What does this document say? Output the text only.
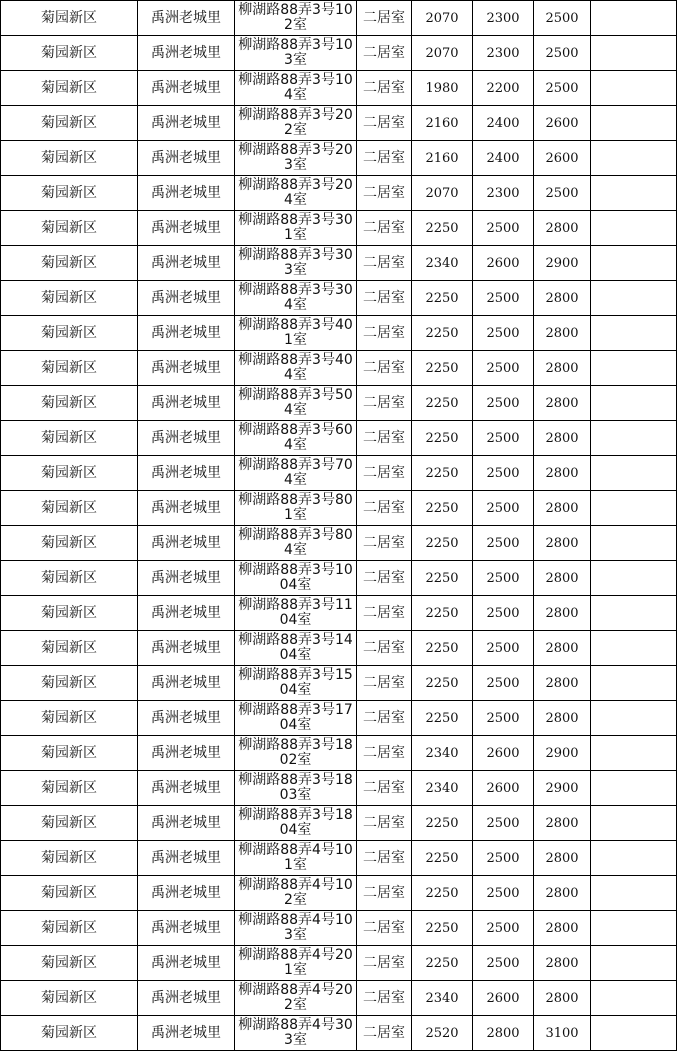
菊园新区	禹洲老城里	柳湖路88弄3号102室	二居室	2070	2300	2500	
菊园新区	禹洲老城里	柳湖路88弄3号103室	二居室	2070	2300	2500	
菊园新区	禹洲老城里	柳湖路88弄3号104室	二居室	1980	2200	2500	
菊园新区	禹洲老城里	柳湖路88弄3号202室	二居室	2160	2400	2600	
菊园新区	禹洲老城里	柳湖路88弄3号203室	二居室	2160	2400	2600	
菊园新区	禹洲老城里	柳湖路88弄3号204室	二居室	2070	2300	2500	
菊园新区	禹洲老城里	柳湖路88弄3号301室	二居室	2250	2500	2800	
菊园新区	禹洲老城里	柳湖路88弄3号303室	二居室	2340	2600	2900	
菊园新区	禹洲老城里	柳湖路88弄3号304室	二居室	2250	2500	2800	
菊园新区	禹洲老城里	柳湖路88弄3号401室	二居室	2250	2500	2800	
菊园新区	禹洲老城里	柳湖路88弄3号404室	二居室	2250	2500	2800	
菊园新区	禹洲老城里	柳湖路88弄3号504室	二居室	2250	2500	2800	
菊园新区	禹洲老城里	柳湖路88弄3号604室	二居室	2250	2500	2800	
菊园新区	禹洲老城里	柳湖路88弄3号704室	二居室	2250	2500	2800	
菊园新区	禹洲老城里	柳湖路88弄3号801室	二居室	2250	2500	2800	
菊园新区	禹洲老城里	柳湖路88弄3号804室	二居室	2250	2500	2800	
菊园新区	禹洲老城里	柳湖路88弄3号1004室	二居室	2250	2500	2800	
菊园新区	禹洲老城里	柳湖路88弄3号1104室	二居室	2250	2500	2800	
菊园新区	禹洲老城里	柳湖路88弄3号1404室	二居室	2250	2500	2800	
菊园新区	禹洲老城里	柳湖路88弄3号1504室	二居室	2250	2500	2800	
菊园新区	禹洲老城里	柳湖路88弄3号1704室	二居室	2250	2500	2800	
菊园新区	禹洲老城里	柳湖路88弄3号1802室	二居室	2340	2600	2900	
菊园新区	禹洲老城里	柳湖路88弄3号1803室	二居室	2340	2600	2900	
菊园新区	禹洲老城里	柳湖路88弄3号1804室	二居室	2250	2500	2800	
菊园新区	禹洲老城里	柳湖路88弄4号101室	二居室	2250	2500	2800	
菊园新区	禹洲老城里	柳湖路88弄4号102室	二居室	2250	2500	2800	
菊园新区	禹洲老城里	柳湖路88弄4号103室	二居室	2250	2500	2800	
菊园新区	禹洲老城里	柳湖路88弄4号201室	二居室	2250	2500	2800	
菊园新区	禹洲老城里	柳湖路88弄4号202室	二居室	2340	2600	2800	
菊园新区	禹洲老城里	柳湖路88弄4号303室	二居室	2520	2800	3100	
